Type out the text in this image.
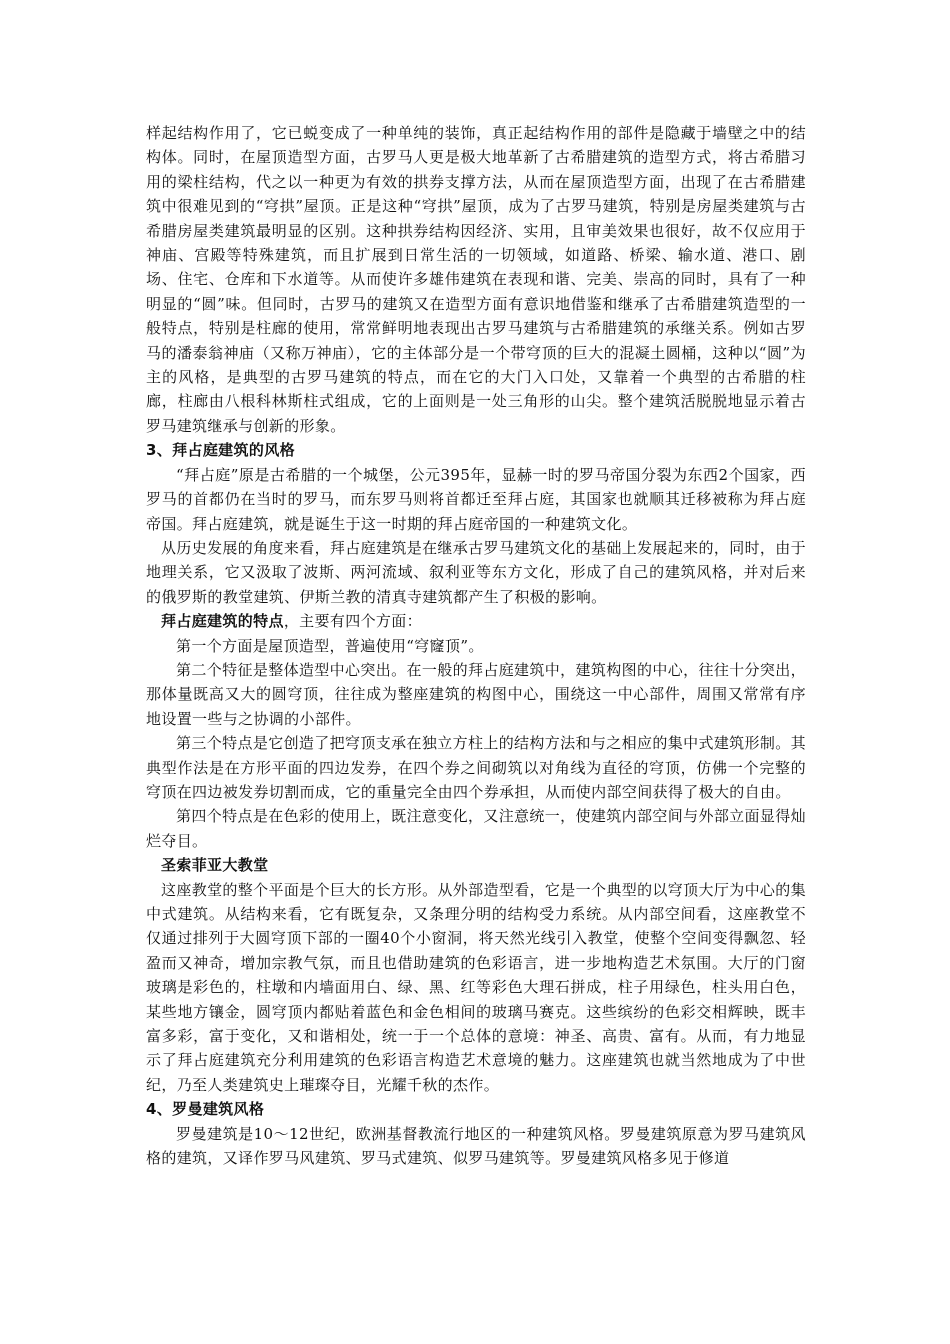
样起结构作用了，它已蜕变成了一种单纯的装饰，真正起结构作用的部件是隐藏于墙壁之中的结构体。同时，在屋顶造型方面，古罗马人更是极大地革新了古希腊建筑的造型方式，将古希腊习用的梁柱结构，代之以一种更为有效的拱券支撑方法，从而在屋顶造型方面，出现了在古希腊建筑中很难见到的“穹拱”屋顶。正是这种“穹拱”屋顶，成为了古罗马建筑，特别是房屋类建筑与古希腊房屋类建筑最明显的区别。这种拱券结构因经济、实用，且审美效果也很好，故不仅应用于神庙、宫殿等特殊建筑，而且扩展到日常生活的一切领域，如道路、桥梁、输水道、港口、剧场、住宅、仓库和下水道等。从而使许多雄伟建筑在表现和谐、完美、崇高的同时，具有了一种明显的“圆”味。但同时，古罗马的建筑又在造型方面有意识地借鉴和继承了古希腊建筑造型的一般特点，特别是柱廊的使用，常常鲜明地表现出古罗马建筑与古希腊建筑的承继关系。例如古罗马的潘泰翁神庙（又称万神庙），它的主体部分是一个带穹顶的巨大的混凝土圆桶，这种以“圆”为主的风格，是典型的古罗马建筑的特点，而在它的大门入口处，又靠着一个典型的古希腊的柱廊，柱廊由八根科林斯柱式组成，它的上面则是一处三角形的山尖。整个建筑活脱脱地显示着古罗马建筑继承与创新的形象。

3、拜占庭建筑的风格

“拜占庭”原是古希腊的一个城堡，公元395年，显赫一时的罗马帝国分裂为东西2个国家，西罗马的首都仍在当时的罗马，而东罗马则将首都迁至拜占庭，其国家也就顺其迁移被称为拜占庭帝国。拜占庭建筑，就是诞生于这一时期的拜占庭帝国的一种建筑文化。

从历史发展的角度来看，拜占庭建筑是在继承古罗马建筑文化的基础上发展起来的，同时，由于地理关系，它又汲取了波斯、两河流域、叙利亚等东方文化，形成了自己的建筑风格，并对后来的俄罗斯的教堂建筑、伊斯兰教的清真寺建筑都产生了积极的影响。

拜占庭建筑的特点，主要有四个方面：

第一个方面是屋顶造型，普遍使用“穹窿顶”。

第二个特征是整体造型中心突出。在一般的拜占庭建筑中，建筑构图的中心，往往十分突出，那体量既高又大的圆穹顶，往往成为整座建筑的构图中心，围绕这一中心部件，周围又常常有序地设置一些与之协调的小部件。

第三个特点是它创造了把穹顶支承在独立方柱上的结构方法和与之相应的集中式建筑形制。其典型作法是在方形平面的四边发券，在四个券之间砌筑以对角线为直径的穹顶，仿佛一个完整的穹顶在四边被发券切割而成，它的重量完全由四个券承担，从而使内部空间获得了极大的自由。

第四个特点是在色彩的使用上，既注意变化，又注意统一，使建筑内部空间与外部立面显得灿烂夺目。

圣索菲亚大教堂

这座教堂的整个平面是个巨大的长方形。从外部造型看，它是一个典型的以穹顶大厅为中心的集中式建筑。从结构来看，它有既复杂，又条理分明的结构受力系统。从内部空间看，这座教堂不仅通过排列于大圆穹顶下部的一圈40个小窗洞，将天然光线引入教堂，使整个空间变得飘忽、轻盈而又神奇，增加宗教气氛，而且也借助建筑的色彩语言，进一步地构造艺术氛围。大厅的门窗玻璃是彩色的，柱墩和内墙面用白、绿、黑、红等彩色大理石拼成，柱子用绿色，柱头用白色，某些地方镶金，圆穹顶内都贴着蓝色和金色相间的玻璃马赛克。这些缤纷的色彩交相辉映，既丰富多彩，富于变化，又和谐相处，统一于一个总体的意境：神圣、高贵、富有。从而，有力地显示了拜占庭建筑充分利用建筑的色彩语言构造艺术意境的魅力。这座建筑也就当然地成为了中世纪，乃至人类建筑史上璀璨夺目，光耀千秋的杰作。

4、罗曼建筑风格

罗曼建筑是10～12世纪，欧洲基督教流行地区的一种建筑风格。罗曼建筑原意为罗马建筑风格的建筑，又译作罗马风建筑、罗马式建筑、似罗马建筑等。罗曼建筑风格多见于修道
